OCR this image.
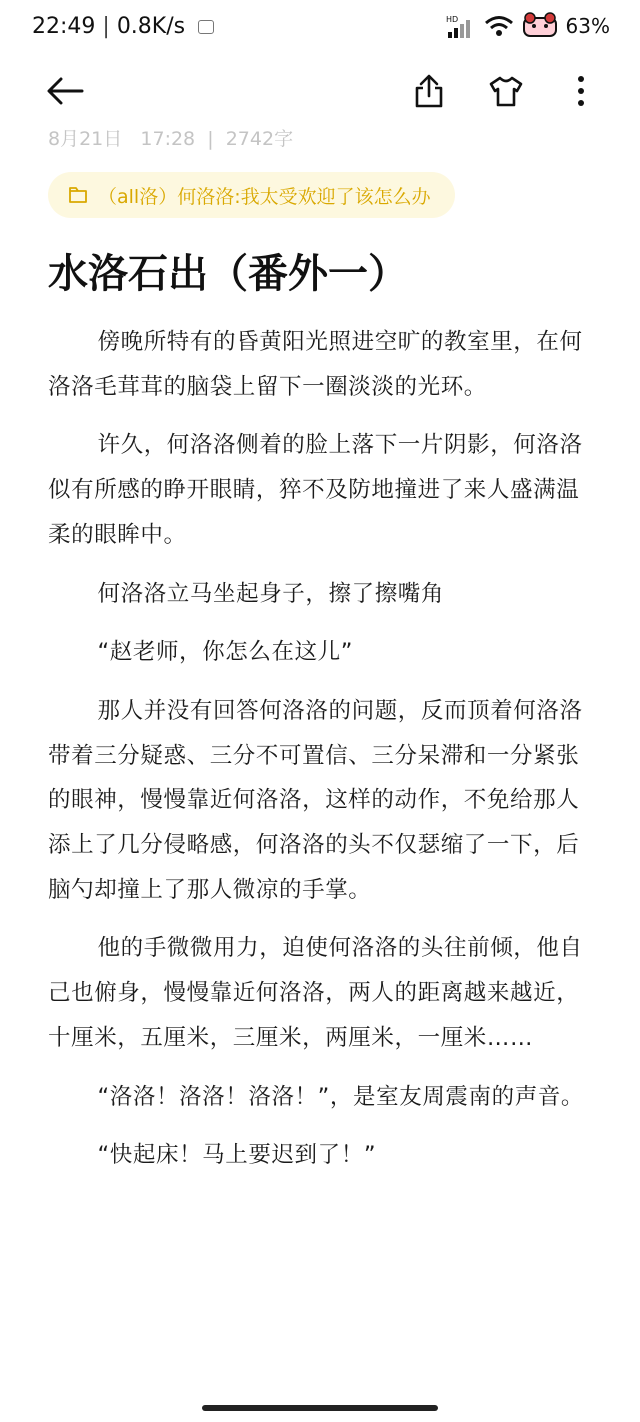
22:49 | 0.8K/s	HD	63%
8月21日 17:28  |  2742字
（all洛）何洛洛:我太受欢迎了该怎么办
水洛石出（番外一）

傍晚所特有的昏黄阳光照进空旷的教室里，在何洛洛毛茸茸的脑袋上留下一圈淡淡的光环。

许久，何洛洛侧着的脸上落下一片阴影，何洛洛似有所感的睁开眼睛，猝不及防地撞进了来人盛满温柔的眼眸中。

何洛洛立马坐起身子，擦了擦嘴角

“赵老师，你怎么在这儿”

那人并没有回答何洛洛的问题，反而顶着何洛洛带着三分疑惑、三分不可置信、三分呆滞和一分紧张的眼神，慢慢靠近何洛洛，这样的动作，不免给那人添上了几分侵略感，何洛洛的头不仅瑟缩了一下，后脑勺却撞上了那人微凉的手掌。

他的手微微用力，迫使何洛洛的头往前倾，他自己也俯身，慢慢靠近何洛洛，两人的距离越来越近，十厘米，五厘米，三厘米，两厘米，一厘米……

“洛洛！洛洛！洛洛！”，是室友周震南的声音。

“快起床！马上要迟到了！”
